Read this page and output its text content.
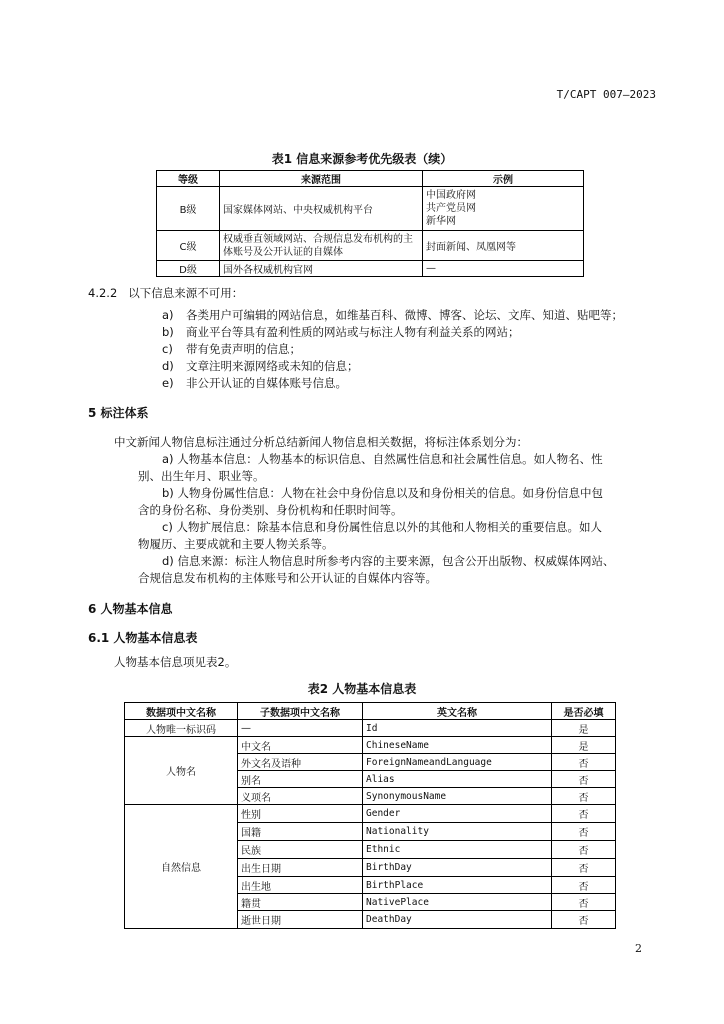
T/CAPT 007—2023
表1 信息来源参考优先级表（续）
等级	来源范围	示例
B级	国家媒体网站、中央权威机构平台	中国政府网
共产党员网
新华网

C级	权威垂直领域网站、合规信息发布机构的主
体账号及公开认证的自媒体	封面新闻、凤凰网等
D级	国外各权威机构官网	—
4.2.2 以下信息来源不可用：
a) 各类用户可编辑的网站信息，如维基百科、微博、博客、论坛、文库、知道、贴吧等；
b) 商业平台等具有盈利性质的网站或与标注人物有利益关系的网站；
c) 带有免责声明的信息；
d) 文章注明来源网络或未知的信息；
e) 非公开认证的自媒体账号信息。
5 标注体系
中文新闻人物信息标注通过分析总结新闻人物信息相关数据，将标注体系划分为：
a) 人物基本信息：人物基本的标识信息、自然属性信息和社会属性信息。如人物名、性
别、出生年月、职业等。
b) 人物身份属性信息：人物在社会中身份信息以及和身份相关的信息。如身份信息中包
含的身份名称、身份类别、身份机构和任职时间等。
c) 人物扩展信息：除基本信息和身份属性信息以外的其他和人物相关的重要信息。如人
物履历、主要成就和主要人物关系等。
d) 信息来源：标注人物信息时所参考内容的主要来源，包含公开出版物、权威媒体网站、
合规信息发布机构的主体账号和公开认证的自媒体内容等。
6 人物基本信息
6.1 人物基本信息表
人物基本信息项见表2。
表2 人物基本信息表
数据项中文名称	子数据项中文名称	英文名称	是否必填
人物唯一标识码	—	Id	是
人物名	中文名	ChineseName	是
	外文名及语种	ForeignNameandLanguage	否
	别名	Alias	否
	义项名	SynonymousName	否
自然信息	性别	Gender	否
	国籍	Nationality	否
	民族	Ethnic	否
	出生日期	BirthDay	否
	出生地	BirthPlace	否
	籍贯	NativePlace	否
	逝世日期	DeathDay	否
2
